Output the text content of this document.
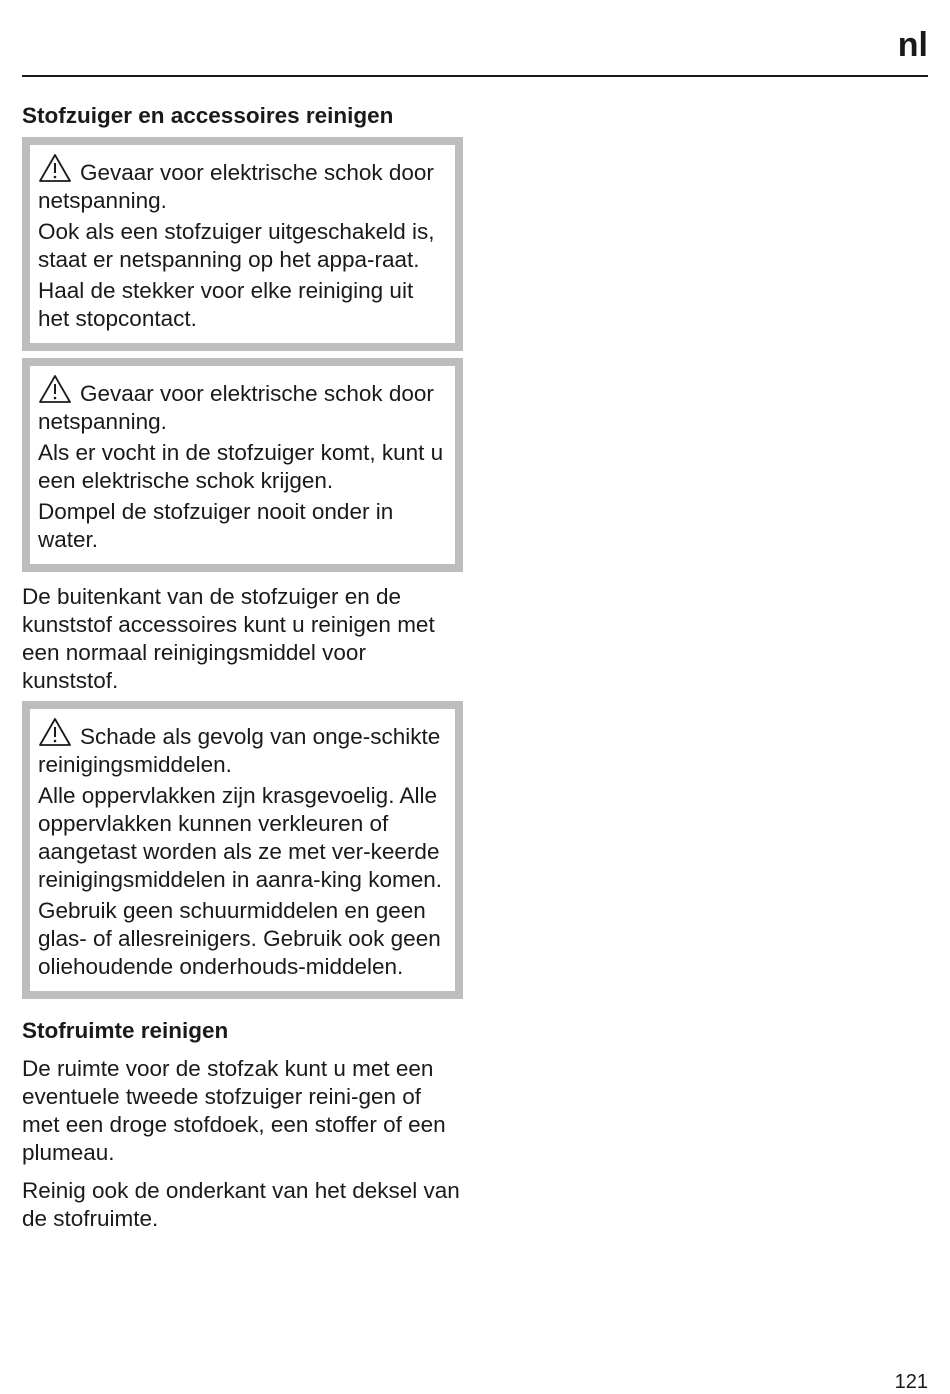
nl
Stofzuiger en accessoires reinigen

Gevaar voor elektrische schok door netspanning.

Ook als een stofzuiger uitgeschakeld is, staat er netspanning op het appa-raat.

Haal de stekker voor elke reiniging uit het stopcontact.

Gevaar voor elektrische schok door netspanning.

Als er vocht in de stofzuiger komt, kunt u een elektrische schok krijgen.

Dompel de stofzuiger nooit onder in water.

De buitenkant van de stofzuiger en de kunststof accessoires kunt u reinigen met een normaal reinigingsmiddel voor kunststof.

Schade als gevolg van onge-schikte reinigingsmiddelen.

Alle oppervlakken zijn krasgevoelig. Alle oppervlakken kunnen verkleuren of aangetast worden als ze met ver-keerde reinigingsmiddelen in aanra-king komen.

Gebruik geen schuurmiddelen en geen glas- of allesreinigers. Gebruik ook geen oliehoudende onderhouds-middelen.

Stofruimte reinigen

De ruimte voor de stofzak kunt u met een eventuele tweede stofzuiger reini-gen of met een droge stofdoek, een stoffer of een plumeau.

Reinig ook de onderkant van het deksel van de stofruimte.

121
